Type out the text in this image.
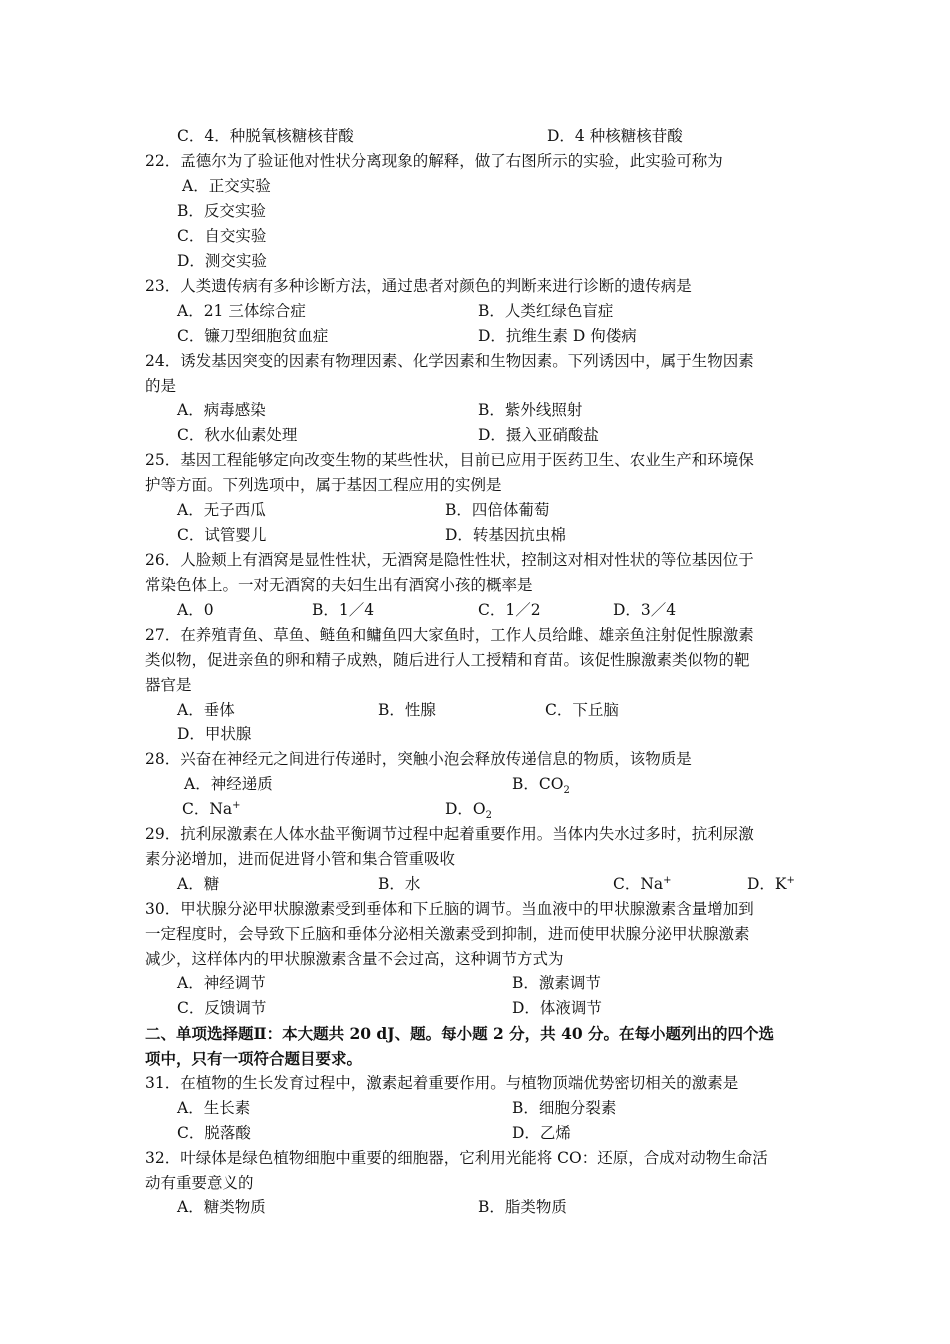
C．4．种脱氧核糖核苷酸	D．4 种核糖核苷酸
22．孟德尔为了验证他对性状分离现象的解释，做了右图所示的实验，此实验可称为
A．正交实验
B．反交实验
C．自交实验
D．测交实验
23．人类遗传病有多种诊断方法，通过患者对颜色的判断来进行诊断的遗传病是
A．21 三体综合症	B．人类红绿色盲症
C．镰刀型细胞贫血症	D．抗维生素 D 佝偻病
24．诱发基因突变的因素有物理因素、化学因素和生物因素。下列诱因中，属于生物因素
的是
A．病毒感染	B．紫外线照射
C．秋水仙素处理	D．摄入亚硝酸盐
25．基因工程能够定向改变生物的某些性状，目前已应用于医药卫生、农业生产和环境保
护等方面。下列选项中，属于基因工程应用的实例是
A．无子西瓜	B．四倍体葡萄
C．试管婴儿	D．转基因抗虫棉
26．人脸颊上有酒窝是显性性状，无酒窝是隐性性状，控制这对相对性状的等位基因位于
常染色体上。一对无酒窝的夫妇生出有酒窝小孩的概率是
A．0	B．1／4	C．1／2	D．3／4
27．在养殖青鱼、草鱼、鲢鱼和鳙鱼四大家鱼时，工作人员给雌、雄亲鱼注射促性腺激素
类似物，促进亲鱼的卵和精子成熟，随后进行人工授精和育苗。该促性腺激素类似物的靶
器官是
A．垂体	B．性腺	C．下丘脑
D．甲状腺
28．兴奋在神经元之间进行传递时，突触小泡会释放传递信息的物质，该物质是
A．神经递质	B．$CO_2$
C．Na+	D．$O_2$
29．抗利尿激素在人体水盐平衡调节过程中起着重要作用。当体内失水过多时，抗利尿激
素分泌增加，进而促进肾小管和集合管重吸收
A．糖	B．水	C．Na+	D．K+
30．甲状腺分泌甲状腺激素受到垂体和下丘脑的调节。当血液中的甲状腺激素含量增加到
一定程度时，会导致下丘脑和垂体分泌相关激素受到抑制，进而使甲状腺分泌甲状腺激素
减少，这样体内的甲状腺激素含量不会过高，这种调节方式为
A．神经调节	B．激素调节
C．反馈调节	D．体液调节
二、单项选择题Ⅱ：本大题共 20 dJ、题。每小题 2 分，共 40 分。在每小题列出的四个选
项中，只有一项符合题目要求。
31．在植物的生长发育过程中，激素起着重要作用。与植物顶端优势密切相关的激素是
A．生长素	B．细胞分裂素
C．脱落酸	D．乙烯
32．叶绿体是绿色植物细胞中重要的细胞器，它利用光能将 CO：还原，合成对动物生命活
动有重要意义的
A．糖类物质	B．脂类物质
